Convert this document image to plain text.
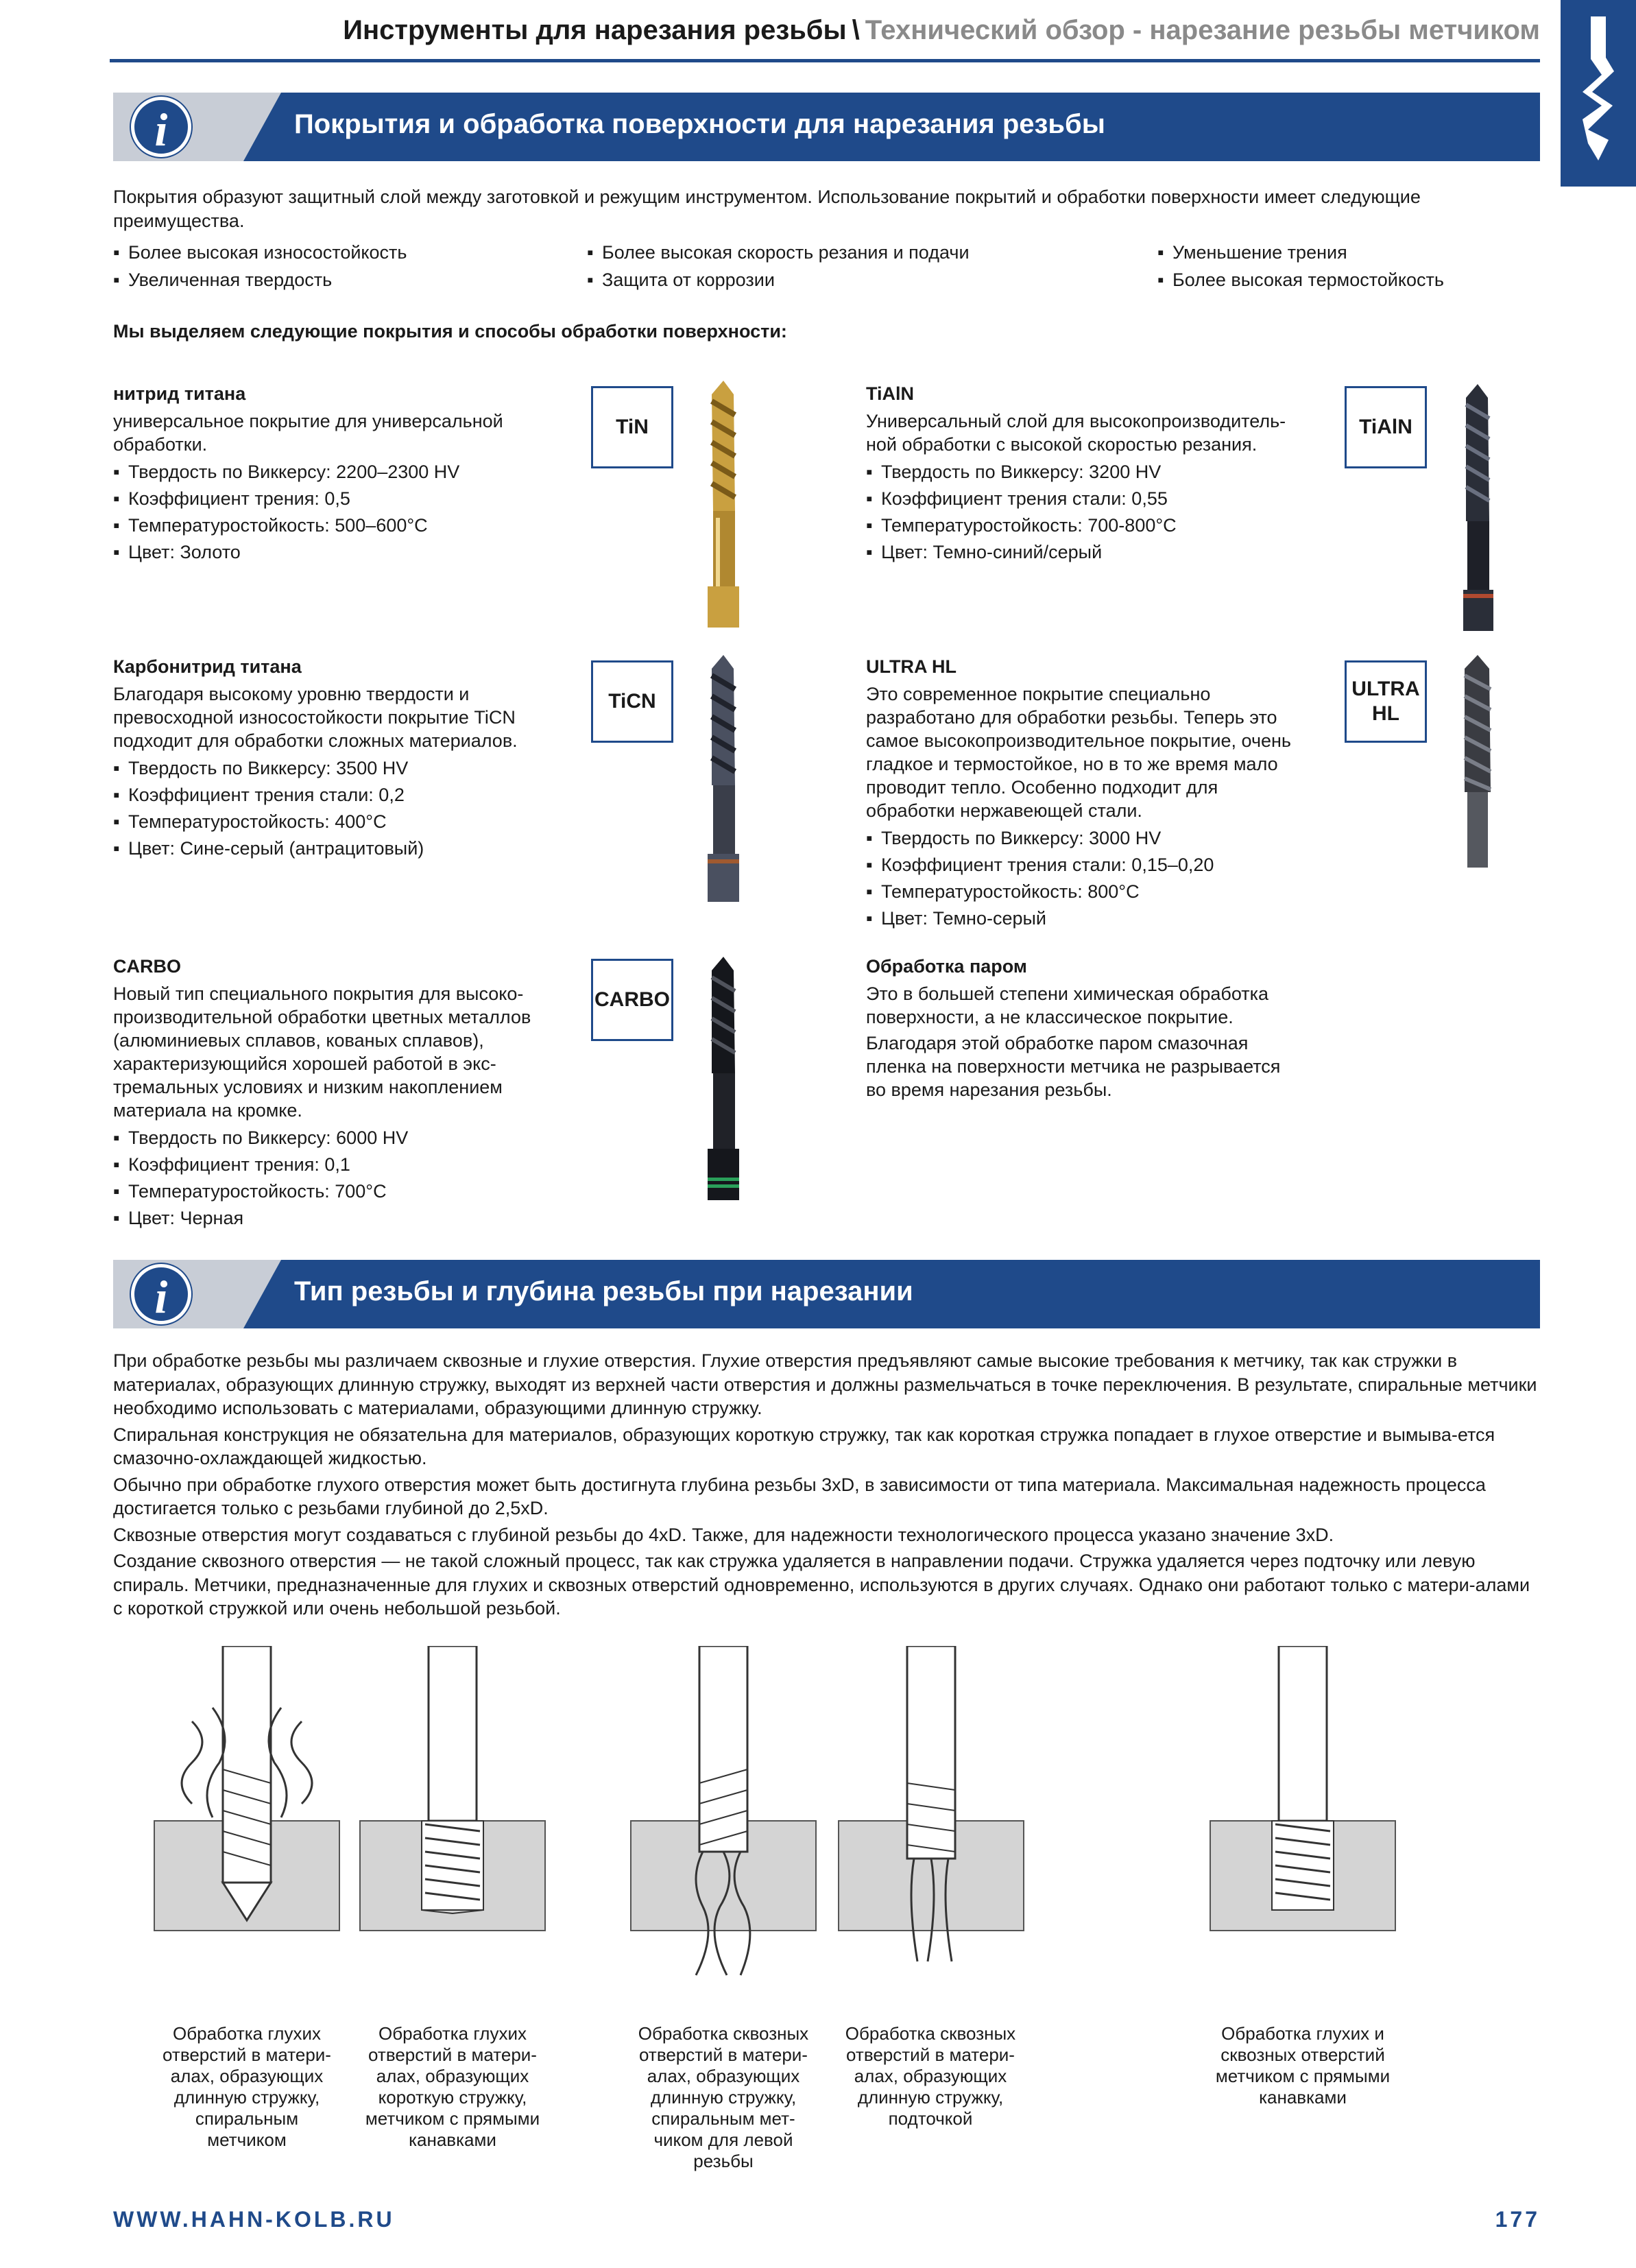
Инструменты для нарезания резьбы \ Технический обзор - нарезание резьбы метчиком
i	Покрытия и обработка поверхности для нарезания резьбы
Покрытия образуют защитный слой между заготовкой и режущим инструментом. Использование покрытий и обработки поверхности имеет следующие преимущества.
▪ Более высокая износостойкость
▪ Увеличенная твердость
▪ Более высокая скорость резания и подачи
▪ Защита от коррозии
▪ Уменьшение трения
▪ Более высокая термостойкость
Мы выделяем следующие покрытия и способы обработки поверхности:
нитрид титана
универсальное покрытие для универсальной обработки.
▪ Твердость по Виккерсу: 2200–2300 HV
▪ Коэффициент трения: 0,5
▪ Температуростойкость: 500–600°C
▪ Цвет: Золото
TiN
TiAlN
Универсальный слой для высокопроизводитель-ной обработки с высокой скоростью резания.
▪ Твердость по Виккерсу: 3200 HV
▪ Коэффициент трения стали: 0,55
▪ Температуростойкость: 700-800°C
▪ Цвет: Темно-синий/серый
TiAlN
Карбонитрид титана
Благодаря высокому уровню твердости и превосходной износостойкости покрытие TiCN подходит для обработки сложных материалов.
▪ Твердость по Виккерсу: 3500 HV
▪ Коэффициент трения стали: 0,2
▪ Температуростойкость: 400°C
▪ Цвет: Сине-серый (антрацитовый)
TiCN
ULTRA HL
Это современное покрытие специально разработано для обработки резьбы. Теперь это самое высокопроизводительное покрытие, очень гладкое и термостойкое, но в то же время мало проводит тепло. Особенно подходит для обработки нержавеющей стали.
▪ Твердость по Виккерсу: 3000 HV
▪ Коэффициент трения стали: 0,15–0,20
▪ Температуростойкость: 800°C
▪ Цвет: Темно-серый
ULTRA
HL
CARBO
Новый тип специального покрытия для высоко-производительной обработки цветных металлов (алюминиевых сплавов, кованых сплавов), характеризующийся хорошей работой в экс-тремальных условиях и низким накоплением материала на кромке.
▪ Твердость по Виккерсу: 6000 HV
▪ Коэффициент трения: 0,1
▪ Температуростойкость: 700°C
▪ Цвет: Черная
CARBO
Обработка паром
Это в большей степени химическая обработка поверхности, а не классическое покрытие.
Благодаря этой обработке паром смазочная пленка на поверхности метчика не разрывается во время нарезания резьбы.
i	Тип резьбы и глубина резьбы при нарезании

При обработке резьбы мы различаем сквозные и глухие отверстия. Глухие отверстия предъявляют самые высокие требования к метчику, так как стружки в материалах, образующих длинную стружку, выходят из верхней части отверстия и должны размельчаться в точке переключения. В результате, спиральные метчики необходимо использовать с материалами, образующими длинную стружку.

Спиральная конструкция не обязательна для материалов, образующих короткую стружку, так как короткая стружка попадает в глухое отверстие и вымыва-ется смазочно-охлаждающей жидкостью.

Обычно при обработке глухого отверстия может быть достигнута глубина резьбы 3xD, в зависимости от типа материала. Максимальная надежность процесса достигается только с резьбами глубиной до 2,5xD.

Сквозные отверстия могут создаваться с глубиной резьбы до 4xD. Также, для надежности технологического процесса указано значение 3xD.

Создание сквозного отверстия — не такой сложный процесс, так как стружка удаляется в направлении подачи. Стружка удаляется через подточку или левую спираль. Метчики, предназначенные для глухих и сквозных отверстий одновременно, используются в других случаях. Однако они работают только с матери-алами с короткой стружкой или очень небольшой резьбой.

Обработка глухих отверстий в матери-алах, образующих длинную стружку, спиральным метчиком
Обработка глухих отверстий в матери-алах, образующих короткую стружку, метчиком с прямыми канавками
Обработка сквозных отверстий в матери-алах, образующих длинную стружку, спиральным мет-чиком для левой резьбы
Обработка сквозных отверстий в матери-алах, образующих длинную стружку, подточкой
Обработка глухих и сквозных отверстий метчиком с прямыми канавками
WWW.HAHN-KOLB.RU	177
